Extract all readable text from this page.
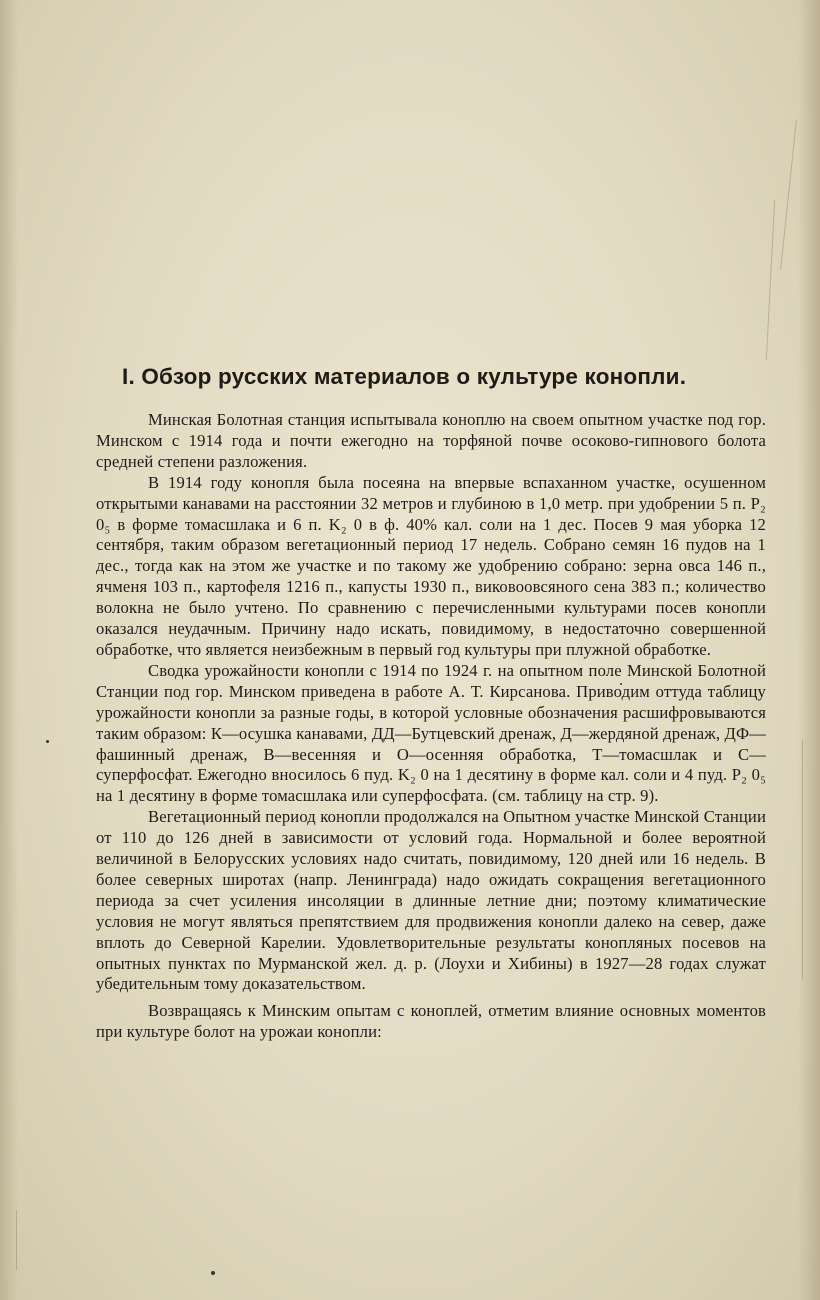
I. Обзор русских материалов о культуре конопли.

Минская Болотная станция испытывала коноплю на своем опытном участке под гор. Минском с 1914 года и почти ежегодно на торфяной почве осоково-гипнового болота средней степени разложения.

В 1914 году конопля была посеяна на впервые вспаханном участке, осушенном открытыми канавами на расстоянии 32 метров и глубиною в 1,0 метр. при удобрении 5 п. P₂ 0₅ в форме томасшлака и 6 п. K₂ 0 в ф. 40% кал. соли на 1 дес. Посев 9 мая уборка 12 сентября, таким образом вегетационный период 17 недель. Собрано семян 16 пудов на 1 дес., тогда как на этом же участке и по такому же удобрению собрано: зерна овса 146 п., ячменя 103 п., картофеля 1216 п., капусты 1930 п., виковоовсяного сена 383 п.; количество волокна не было учтено. По сравнению с перечисленными культурами посев конопли оказался неудачным. Причину надо искать, повидимому, в недостаточно совершенной обработке, что является неизбежным в первый год культуры при плужной обработке.

Сводка урожайности конопли с 1914 по 1924 г. на опытном поле Минской Болотной Станции под гор. Минском приведена в работе А. Т. Кирсанова. Приводим оттуда таблицу урожайности конопли за разные годы, в которой условные обозначения расшифровываются таким образом: К—осушка канавами, ДД—Бутцевский дренаж, Д—жердяной дренаж, ДФ—фашинный дренаж, В—весенняя и О—осенняя обработка, Т—томасшлак и С—суперфосфат. Ежегодно вносилось 6 пуд. K₂ 0 на 1 десятину в форме кал. соли и 4 пуд. P₂ 0₅ на 1 десятину в форме томасшлака или суперфосфата. (см. таблицу на стр. 9).

Вегетационный период конопли продолжался на Опытном участке Минской Станции от 110 до 126 дней в зависимости от условий года. Нормальной и более вероятной величиной в Белорусских условиях надо считать, повидимому, 120 дней или 16 недель. В более северных широтах (напр. Ленинграда) надо ожидать сокращения вегетационного периода за счет усиления инсоляции в длинные летние дни; поэтому климатические условия не могут являться препятствием для продвижения конопли далеко на север, даже вплоть до Северной Карелии. Удовлетворительные результаты конопляных посевов на опытных пунктах по Мурманской жел. д. р. (Лоухи и Хибины) в 1927—28 годах служат убедительным тому доказательством.

Возвращаясь к Минским опытам с коноплей, отметим влияние основных моментов при культуре болот на урожаи конопли:
